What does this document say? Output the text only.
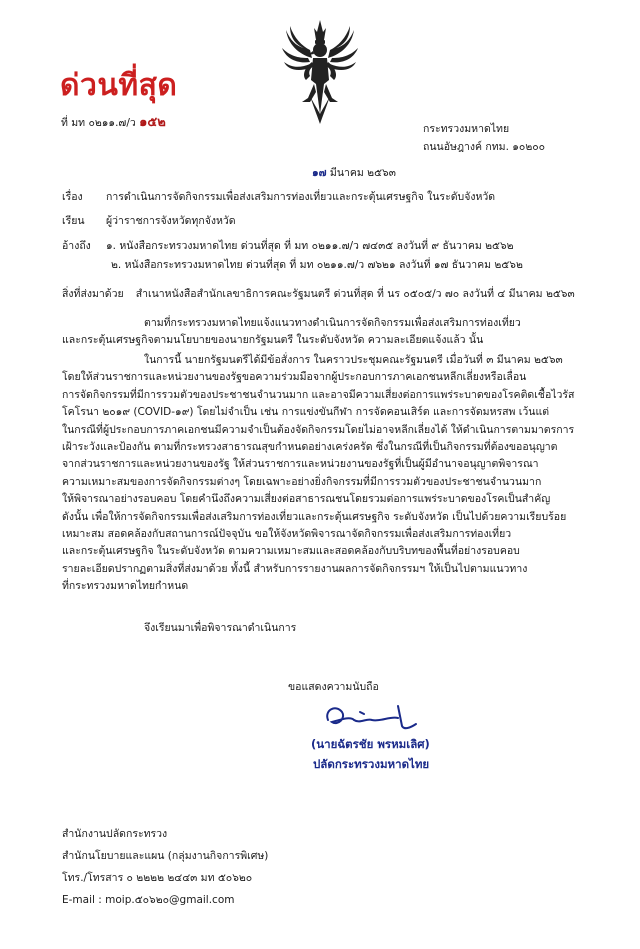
ด่วนที่สุด
ที่ มท ๐๒๑๑.๗/ว ๑๕๒	กระทรวงมหาดไทย
ถนนอัษฎางค์ กทม. ๑๐๒๐๐
๑๗ มีนาคม ๒๕๖๓
เรื่อง การดำเนินการจัดกิจกรรมเพื่อส่งเสริมการท่องเที่ยวและกระตุ้นเศรษฐกิจ ในระดับจังหวัด
เรียน ผู้ว่าราชการจังหวัดทุกจังหวัด
อ้างถึง ๑. หนังสือกระทรวงมหาดไทย ด่วนที่สุด ที่ มท ๐๒๑๑.๗/ว ๗๔๓๕ ลงวันที่ ๙ ธันวาคม ๒๕๖๒
๒. หนังสือกระทรวงมหาดไทย ด่วนที่สุด ที่ มท ๐๒๑๑.๗/ว ๗๖๒๑ ลงวันที่ ๑๗ ธันวาคม ๒๕๖๒
สิ่งที่ส่งมาด้วย สำเนาหนังสือสำนักเลขาธิการคณะรัฐมนตรี ด่วนที่สุด ที่ นร ๐๕๐๕/ว ๗๐ ลงวันที่ ๔ มีนาคม ๒๕๖๓
ตามที่กระทรวงมหาดไทยแจ้งแนวทางดำเนินการจัดกิจกรรมเพื่อส่งเสริมการท่องเที่ยว
และกระตุ้นเศรษฐกิจตามนโยบายของนายกรัฐมนตรี ในระดับจังหวัด ความละเอียดแจ้งแล้ว นั้น
ในการนี้ นายกรัฐมนตรีได้มีข้อสั่งการ ในคราวประชุมคณะรัฐมนตรี เมื่อวันที่ ๓ มีนาคม ๒๕๖๓
โดยให้ส่วนราชการและหน่วยงานของรัฐขอความร่วมมือจากผู้ประกอบการภาคเอกชนหลีกเลี่ยงหรือเลื่อน
การจัดกิจกรรมที่มีการรวมตัวของประชาชนจำนวนมาก และอาจมีความเสี่ยงต่อการแพร่ระบาดของโรคติดเชื้อไวรัส
โคโรนา ๒๐๑๙ (COVID-๑๙) โดยไม่จำเป็น เช่น การแข่งขันกีฬา การจัดคอนเสิร์ต และการจัดมหรสพ เว้นแต่
ในกรณีที่ผู้ประกอบการภาคเอกชนมีความจำเป็นต้องจัดกิจกรรมโดยไม่อาจหลีกเลี่ยงได้ ให้ดำเนินการตามมาตรการ
เฝ้าระวังและป้องกัน ตามที่กระทรวงสาธารณสุขกำหนดอย่างเคร่งครัด ซึ่งในกรณีที่เป็นกิจกรรมที่ต้องขออนุญาต
จากส่วนราชการและหน่วยงานของรัฐ ให้ส่วนราชการและหน่วยงานของรัฐที่เป็นผู้มีอำนาจอนุญาตพิจารณา
ความเหมาะสมของการจัดกิจกรรมต่างๆ โดยเฉพาะอย่างยิ่งกิจกรรมที่มีการรวมตัวของประชาชนจำนวนมาก
ให้พิจารณาอย่างรอบคอบ โดยคำนึงถึงความเสี่ยงต่อสาธารณชนโดยรวมต่อการแพร่ระบาดของโรคเป็นสำคัญ
ดังนั้น เพื่อให้การจัดกิจกรรมเพื่อส่งเสริมการท่องเที่ยวและกระตุ้นเศรษฐกิจ ระดับจังหวัด เป็นไปด้วยความเรียบร้อย
เหมาะสม สอดคล้องกับสถานการณ์ปัจจุบัน ขอให้จังหวัดพิจารณาจัดกิจกรรมเพื่อส่งเสริมการท่องเที่ยว
และกระตุ้นเศรษฐกิจ ในระดับจังหวัด ตามความเหมาะสมและสอดคล้องกับบริบทของพื้นที่อย่างรอบคอบ
รายละเอียดปรากฏตามสิ่งที่ส่งมาด้วย ทั้งนี้ สำหรับการรายงานผลการจัดกิจกรรมฯ ให้เป็นไปตามแนวทาง
ที่กระทรวงมหาดไทยกำหนด
จึงเรียนมาเพื่อพิจารณาดำเนินการ
ขอแสดงความนับถือ
(นายฉัตรชัย พรหมเลิศ)
ปลัดกระทรวงมหาดไทย
สำนักงานปลัดกระทรวง
สำนักนโยบายและแผน (กลุ่มงานกิจการพิเศษ)
โทร./โทรสาร ๐ ๒๒๒๒ ๒๔๔๓ มท ๕๐๖๒๐
E-mail : moip.๕๐๖๒๐@gmail.com
